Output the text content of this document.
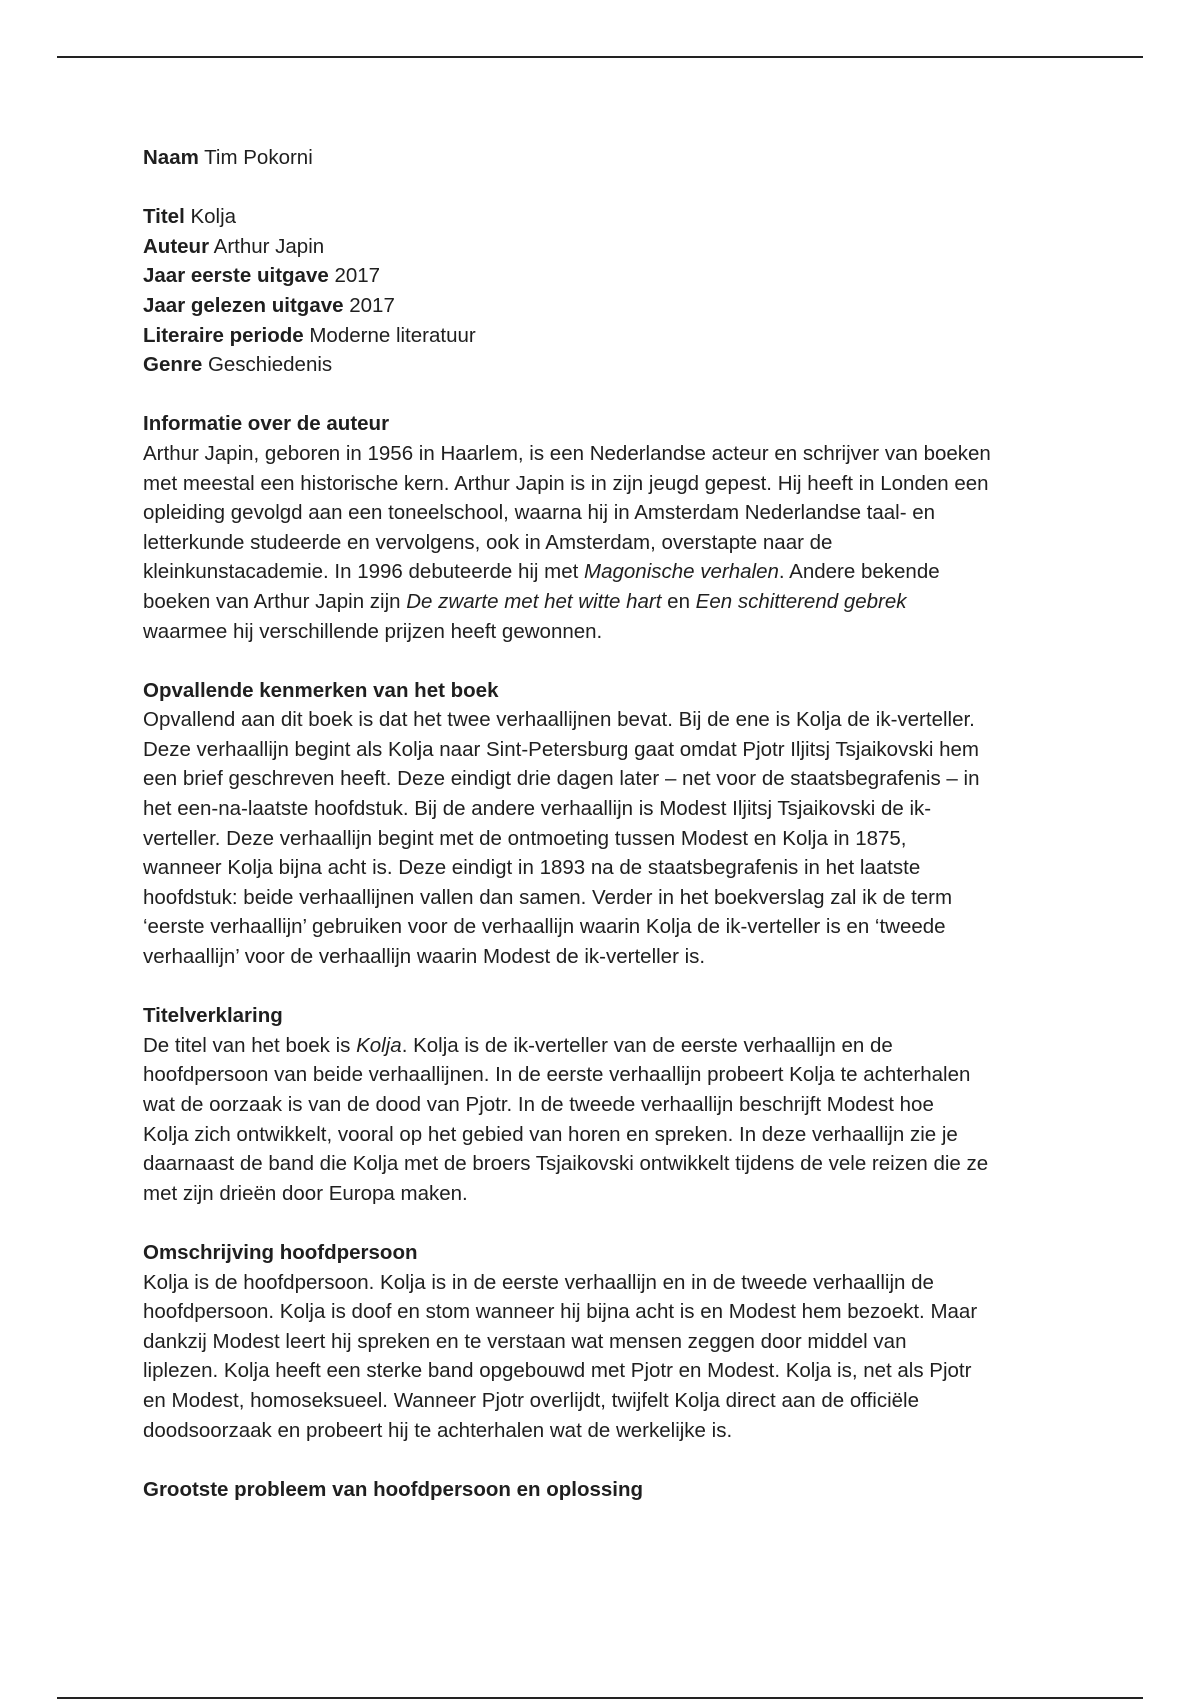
Naam Tim Pokorni
Titel Kolja
Auteur Arthur Japin
Jaar eerste uitgave 2017
Jaar gelezen uitgave 2017
Literaire periode Moderne literatuur
Genre Geschiedenis

Informatie over de auteur

Arthur Japin, geboren in 1956 in Haarlem, is een Nederlandse acteur en schrijver van boeken

met meestal een historische kern. Arthur Japin is in zijn jeugd gepest. Hij heeft in Londen een

opleiding gevolgd aan een toneelschool, waarna hij in Amsterdam Nederlandse taal- en

letterkunde studeerde en vervolgens, ook in Amsterdam, overstapte naar de

kleinkunstacademie. In 1996 debuteerde hij met Magonische verhalen. Andere bekende

boeken van Arthur Japin zijn De zwarte met het witte hart en Een schitterend gebrek

waarmee hij verschillende prijzen heeft gewonnen.

Opvallende kenmerken van het boek

Opvallend aan dit boek is dat het twee verhaallijnen bevat. Bij de ene is Kolja de ik-verteller.

Deze verhaallijn begint als Kolja naar Sint-Petersburg gaat omdat Pjotr Iljitsj Tsjaikovski hem

een brief geschreven heeft. Deze eindigt drie dagen later – net voor de staatsbegrafenis – in

het een-na-laatste hoofdstuk. Bij de andere verhaallijn is Modest Iljitsj Tsjaikovski de ik-

verteller. Deze verhaallijn begint met de ontmoeting tussen Modest en Kolja in 1875,

wanneer Kolja bijna acht is. Deze eindigt in 1893 na de staatsbegrafenis in het laatste

hoofdstuk: beide verhaallijnen vallen dan samen. Verder in het boekverslag zal ik de term

‘eerste verhaallijn’ gebruiken voor de verhaallijn waarin Kolja de ik-verteller is en ‘tweede

verhaallijn’ voor de verhaallijn waarin Modest de ik-verteller is.

Titelverklaring

De titel van het boek is Kolja. Kolja is de ik-verteller van de eerste verhaallijn en de

hoofdpersoon van beide verhaallijnen. In de eerste verhaallijn probeert Kolja te achterhalen

wat de oorzaak is van de dood van Pjotr. In de tweede verhaallijn beschrijft Modest hoe

Kolja zich ontwikkelt, vooral op het gebied van horen en spreken. In deze verhaallijn zie je

daarnaast de band die Kolja met de broers Tsjaikovski ontwikkelt tijdens de vele reizen die ze

met zijn drieën door Europa maken.

Omschrijving hoofdpersoon

Kolja is de hoofdpersoon. Kolja is in de eerste verhaallijn en in de tweede verhaallijn de

hoofdpersoon. Kolja is doof en stom wanneer hij bijna acht is en Modest hem bezoekt. Maar

dankzij Modest leert hij spreken en te verstaan wat mensen zeggen door middel van

liplezen. Kolja heeft een sterke band opgebouwd met Pjotr en Modest. Kolja is, net als Pjotr

en Modest, homoseksueel. Wanneer Pjotr overlijdt, twijfelt Kolja direct aan de officiële

doodsoorzaak en probeert hij te achterhalen wat de werkelijke is.

Grootste probleem van hoofdpersoon en oplossing
